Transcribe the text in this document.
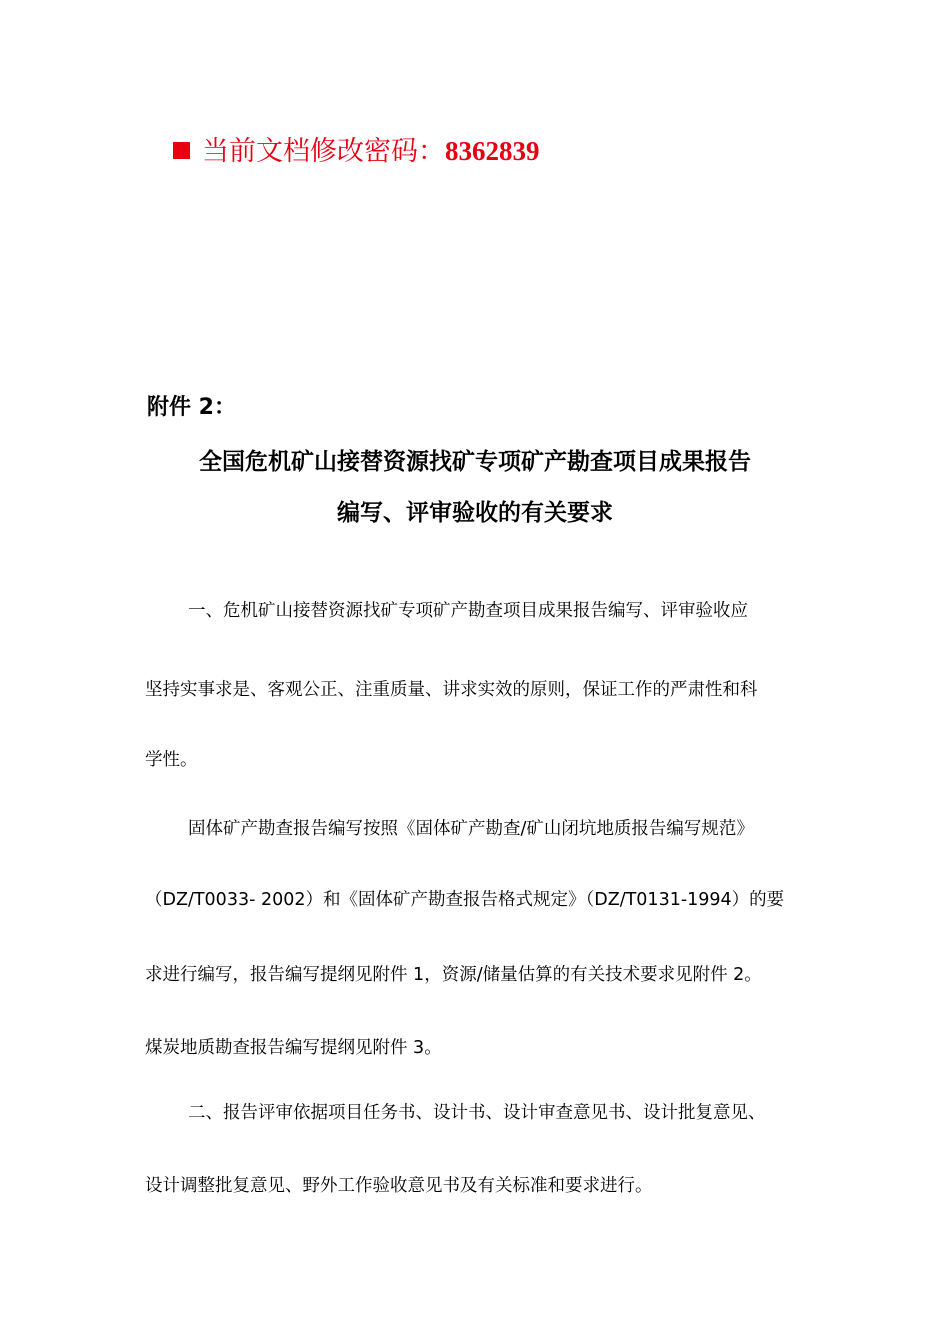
当前文档修改密码：8362839
附件 2：
全国危机矿山接替资源找矿专项矿产勘查项目成果报告
编写、评审验收的有关要求
一、危机矿山接替资源找矿专项矿产勘查项目成果报告编写、评审验收应
坚持实事求是、客观公正、注重质量、讲求实效的原则，保证工作的严肃性和科
学性。
固体矿产勘查报告编写按照《固体矿产勘查/矿山闭坑地质报告编写规范》
（DZ/T0033- 2002）和《固体矿产勘查报告格式规定》（DZ/T0131-1994）的要
求进行编写，报告编写提纲见附件 1，资源/储量估算的有关技术要求见附件 2。
煤炭地质勘查报告编写提纲见附件 3。
二、报告评审依据项目任务书、设计书、设计审查意见书、设计批复意见、
设计调整批复意见、野外工作验收意见书及有关标准和要求进行。
